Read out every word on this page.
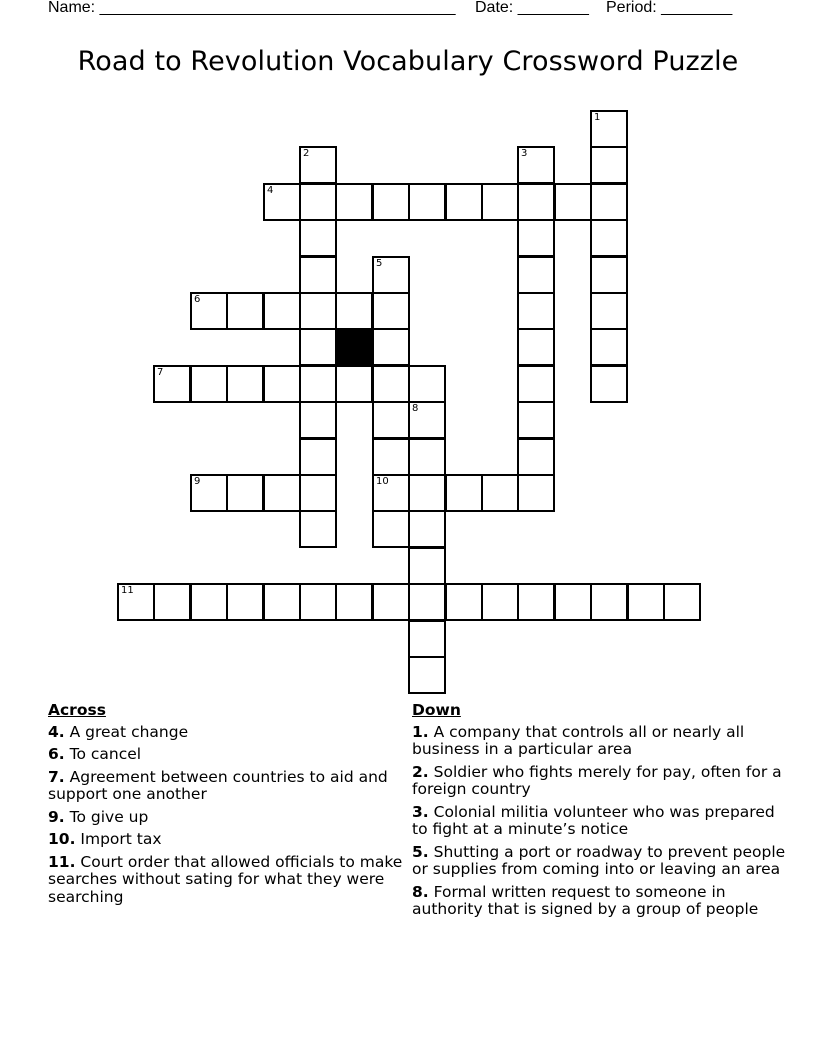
Name: ________________________________________

Date: ________

Period: ________

Road to Revolution Vocabulary Crossword Puzzle
1
2	3
4
5
10
6
7
8
9
11
Across
4. A great change
6. To cancel
7. Agreement between countries to aid and support one another
9. To give up
10. Import tax
11. Court order that allowed officials to make searches without sating for what they were searching
Down
1. A company that controls all or nearly all business in a particular area
2. Soldier who fights merely for pay, often for a foreign country
3. Colonial militia volunteer who was prepared to fight at a minute’s notice
5. Shutting a port or roadway to prevent people or supplies from coming into or leaving an area
8. Formal written request to someone in authority that is signed by a group of people
